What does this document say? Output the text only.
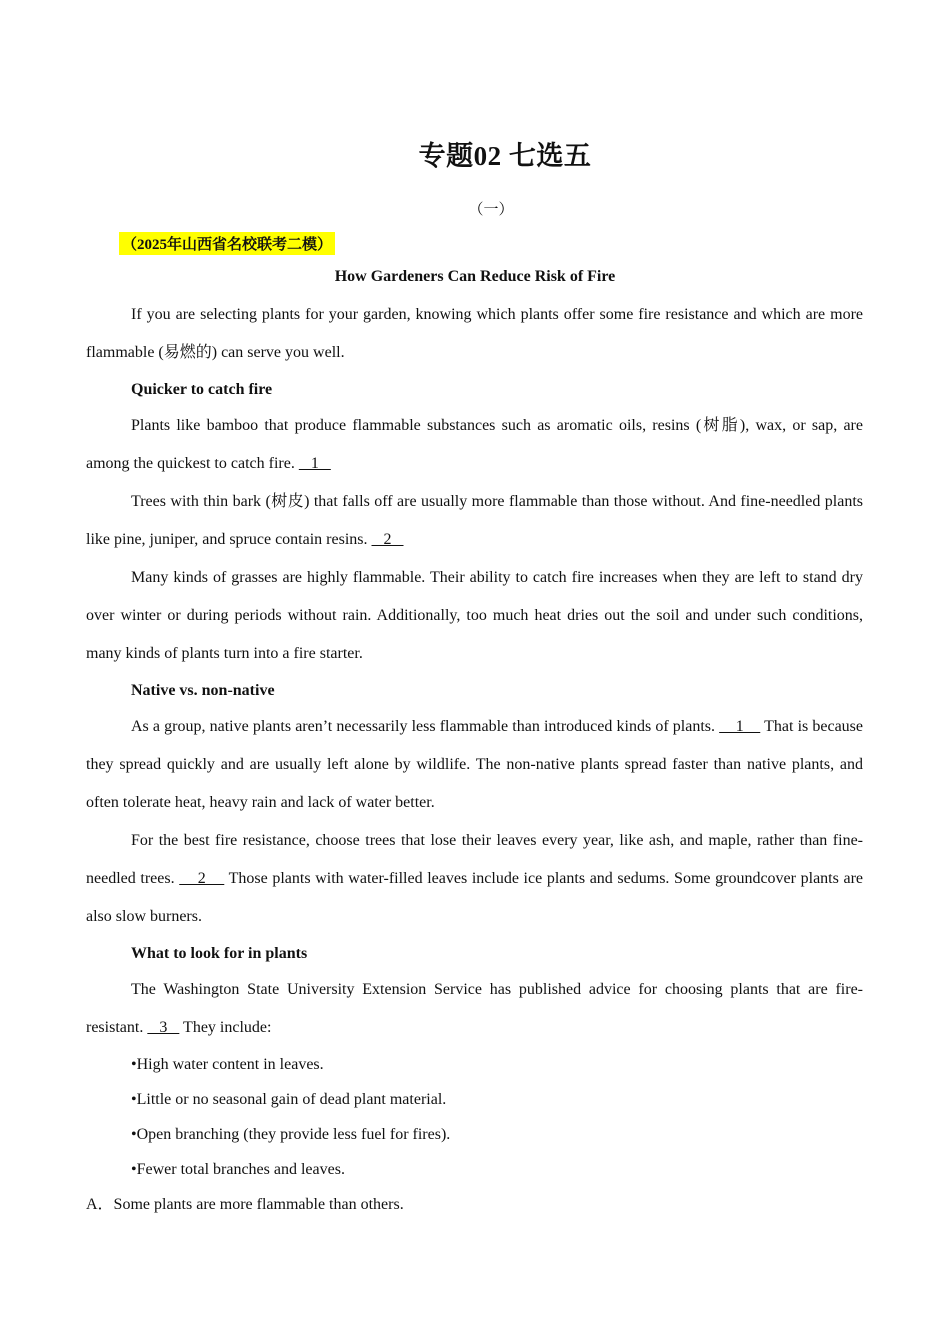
专题02 七选五
（一）
（2025年山西省名校联考二模）
How Gardeners Can Reduce Risk of Fire

If you are selecting plants for your garden, knowing which plants offer some fire resistance and which are more flammable (易燃的) can serve you well.

Quicker to catch fire

Plants like bamboo that produce flammable substances such as aromatic oils, resins (树脂), wax, or sap, are among the quickest to catch fire.    1

Trees with thin bark (树皮) that falls off are usually more flammable than those without. And fine-needled plants like pine, juniper, and spruce contain resins.    2

Many kinds of grasses are highly flammable. Their ability to catch fire increases when they are left to stand dry over winter or during periods without rain. Additionally, too much heat dries out the soil and under such conditions, many kinds of plants turn into a fire starter.

Native vs. non-native

As a group, native plants aren’t necessarily less flammable than introduced kinds of plants.     1     That is because they spread quickly and are usually left alone by wildlife. The non-native plants spread faster than native plants, and often tolerate heat, heavy rain and lack of water better.

For the best fire resistance, choose trees that lose their leaves every year, like ash, and maple, rather than fine-needled trees.     2     Those plants with water-filled leaves include ice plants and sedums. Some groundcover plants are also slow burners.

What to look for in plants

The Washington State University Extension Service has published advice for choosing plants that are fire-resistant.    3    They include:

•High water content in leaves.

•Little or no seasonal gain of dead plant material.

•Open branching (they provide less fuel for fires).

•Fewer total branches and leaves.

A．Some plants are more flammable than others.
